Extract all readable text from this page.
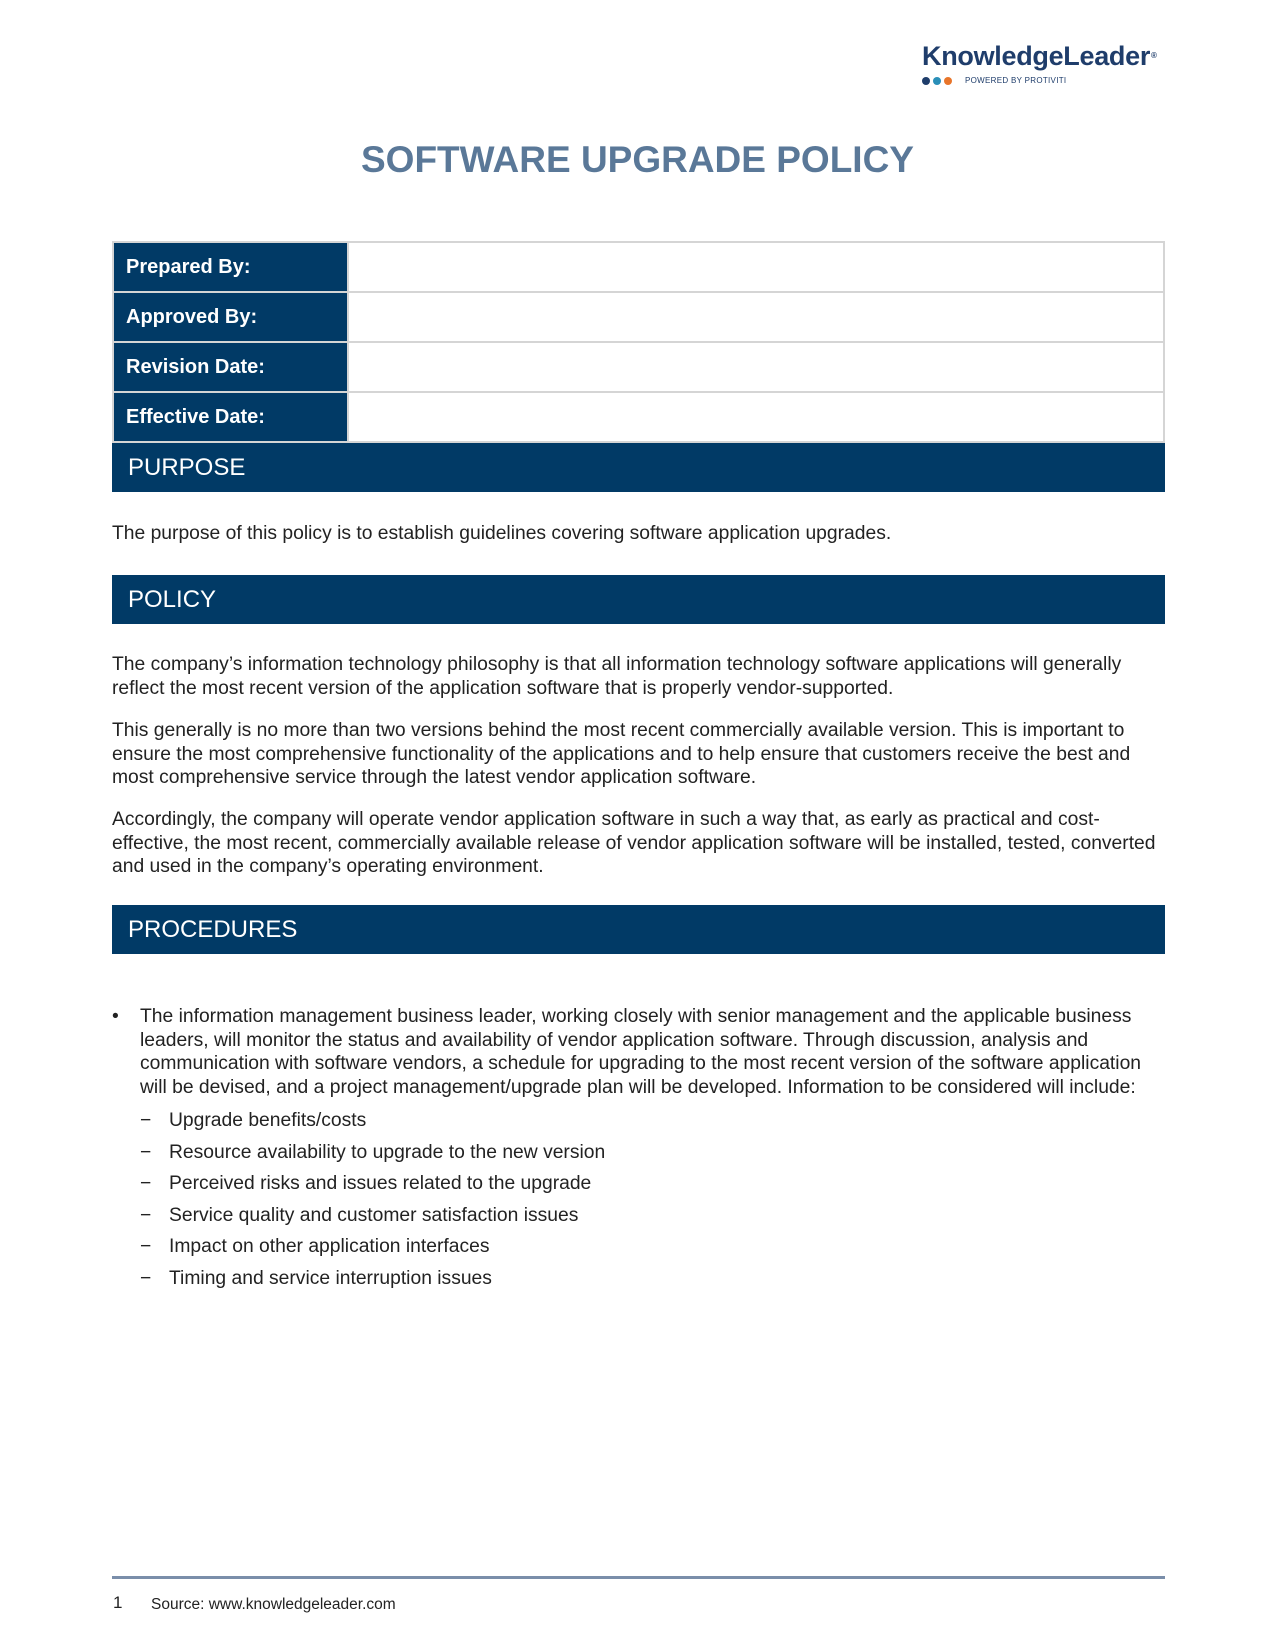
KnowledgeLeader®
POWERED BY PROTIVITI
SOFTWARE UPGRADE POLICY
Prepared By:	
Approved By:	
Revision Date:	
Effective Date:	
PURPOSE

The purpose of this policy is to establish guidelines covering software application upgrades.

POLICY

The company’s information technology philosophy is that all information technology software applications will generally reflect the most recent version of the application software that is properly vendor-supported.

This generally is no more than two versions behind the most recent commercially available version. This is important to ensure the most comprehensive functionality of the applications and to help ensure that customers receive the best and most comprehensive service through the latest vendor application software.

Accordingly, the company will operate vendor application software in such a way that, as early as practical and cost-effective, the most recent, commercially available release of vendor application software will be installed, tested, converted and used in the company’s operating environment.

PROCEDURES
•	The information management business leader, working closely with senior management and the applicable business leaders, will monitor the status and availability of vendor application software. Through discussion, analysis and communication with software vendors, a schedule for upgrading to the most recent version of the software application will be devised, and a project management/upgrade plan will be developed. Information to be considered will include:
− Upgrade benefits/costs
− Resource availability to upgrade to the new version
− Perceived risks and issues related to the upgrade
− Service quality and customer satisfaction issues
− Impact on other application interfaces
− Timing and service interruption issues
1 Source: www.knowledgeleader.com
